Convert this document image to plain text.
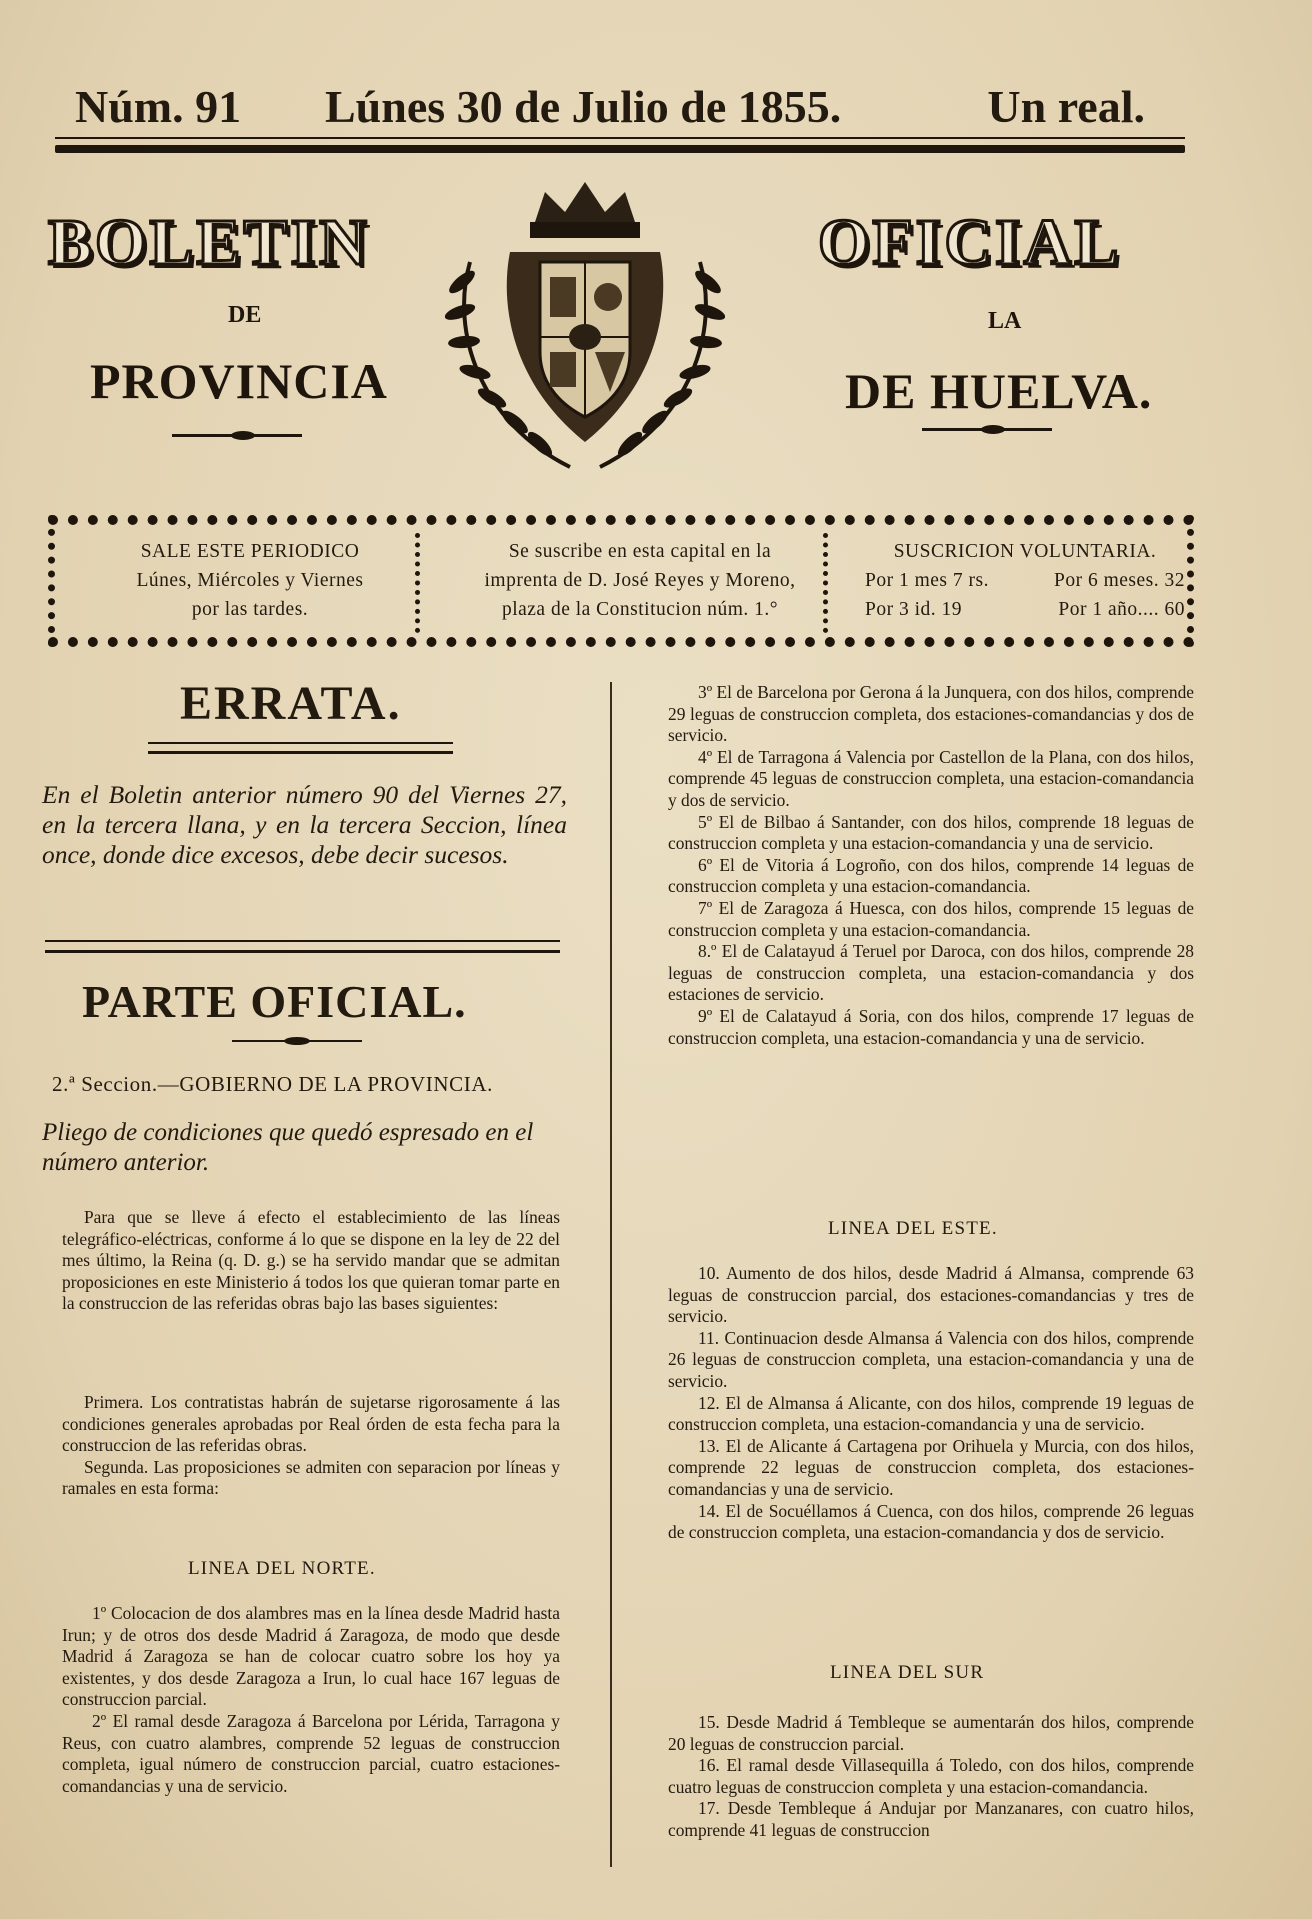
Núm. 91 Lúnes 30 de Julio de 1855.	Un real.
BOLETIN	OFICIAL
DE	LA
PROVINCIA	DE HUELVA.
SALE ESTE PERIODICO
Lúnes, Miércoles y Viernes
por las tardes.
Se suscribe en esta capital en la
imprenta de D. José Reyes y Moreno,
plaza de la Constitucion núm. 1.°
SUSCRICION VOLUNTARIA.
Por 1 mes 7 rs.	Por 6 meses. 32
Por 3 id. 19	Por 1 año.... 60
ERRATA.
En el Boletin anterior número 90 del Viernes 27, en la tercera llana, y en la tercera Seccion, línea once, donde dice excesos, debe decir sucesos.
PARTE OFICIAL.
2.ª Seccion.—GOBIERNO DE LA PROVINCIA.
Pliego de condiciones que quedó espresado en el número anterior.

Para que se lleve á efecto el establecimiento de las líneas telegráfico-eléctricas, conforme á lo que se dispone en la ley de 22 del mes último, la Reina (q. D. g.) se ha servido mandar que se admitan proposiciones en este Ministerio á todos los que quieran tomar parte en la construccion de las referidas obras bajo las bases siguientes:

Primera. Los contratistas habrán de sujetarse rigorosamente á las condiciones generales aprobadas por Real órden de esta fecha para la construccion de las referidas obras.

Segunda. Las proposiciones se admiten con separacion por líneas y ramales en esta forma:

LINEA DEL NORTE.

1º Colocacion de dos alambres mas en la línea desde Madrid hasta Irun; y de otros dos desde Madrid á Zaragoza, de modo que desde Madrid á Zaragoza se han de colocar cuatro sobre los hoy ya existentes, y dos desde Zaragoza a Irun, lo cual hace 167 leguas de construccion parcial.

2º El ramal desde Zaragoza á Barcelona por Lérida, Tarragona y Reus, con cuatro alambres, comprende 52 leguas de construccion completa, igual número de construccion parcial, cuatro estaciones-comandancias y una de servicio.

3º El de Barcelona por Gerona á la Junquera, con dos hilos, comprende 29 leguas de construccion completa, dos estaciones-comandancias y dos de servicio.

4º El de Tarragona á Valencia por Castellon de la Plana, con dos hilos, comprende 45 leguas de construccion completa, una estacion-comandancia y dos de servicio.

5º El de Bilbao á Santander, con dos hilos, comprende 18 leguas de construccion completa y una estacion-comandancia y una de servicio.

6º El de Vitoria á Logroño, con dos hilos, comprende 14 leguas de construccion completa y una estacion-comandancia.

7º El de Zaragoza á Huesca, con dos hilos, comprende 15 leguas de construccion completa y una estacion-comandancia.

8.º El de Calatayud á Teruel por Daroca, con dos hilos, comprende 28 leguas de construccion completa, una estacion-comandancia y dos estaciones de servicio.

9º El de Calatayud á Soria, con dos hilos, comprende 17 leguas de construccion completa, una estacion-comandancia y una de servicio.

LINEA DEL ESTE.

10. Aumento de dos hilos, desde Madrid á Almansa, comprende 63 leguas de construccion parcial, dos estaciones-comandancias y tres de servicio.

11. Continuacion desde Almansa á Valencia con dos hilos, comprende 26 leguas de construccion completa, una estacion-comandancia y una de servicio.

12. El de Almansa á Alicante, con dos hilos, comprende 19 leguas de construccion completa, una estacion-comandancia y una de servicio.

13. El de Alicante á Cartagena por Orihuela y Murcia, con dos hilos, comprende 22 leguas de construccion completa, dos estaciones-comandancias y una de servicio.

14. El de Socuéllamos á Cuenca, con dos hilos, comprende 26 leguas de construccion completa, una estacion-comandancia y dos de servicio.

LINEA DEL SUR

15. Desde Madrid á Tembleque se aumentarán dos hilos, comprende 20 leguas de construccion parcial.

16. El ramal desde Villasequilla á Toledo, con dos hilos, comprende cuatro leguas de construccion completa y una estacion-comandancia.

17. Desde Tembleque á Andujar por Manzanares, con cuatro hilos, comprende 41 leguas de construccion
